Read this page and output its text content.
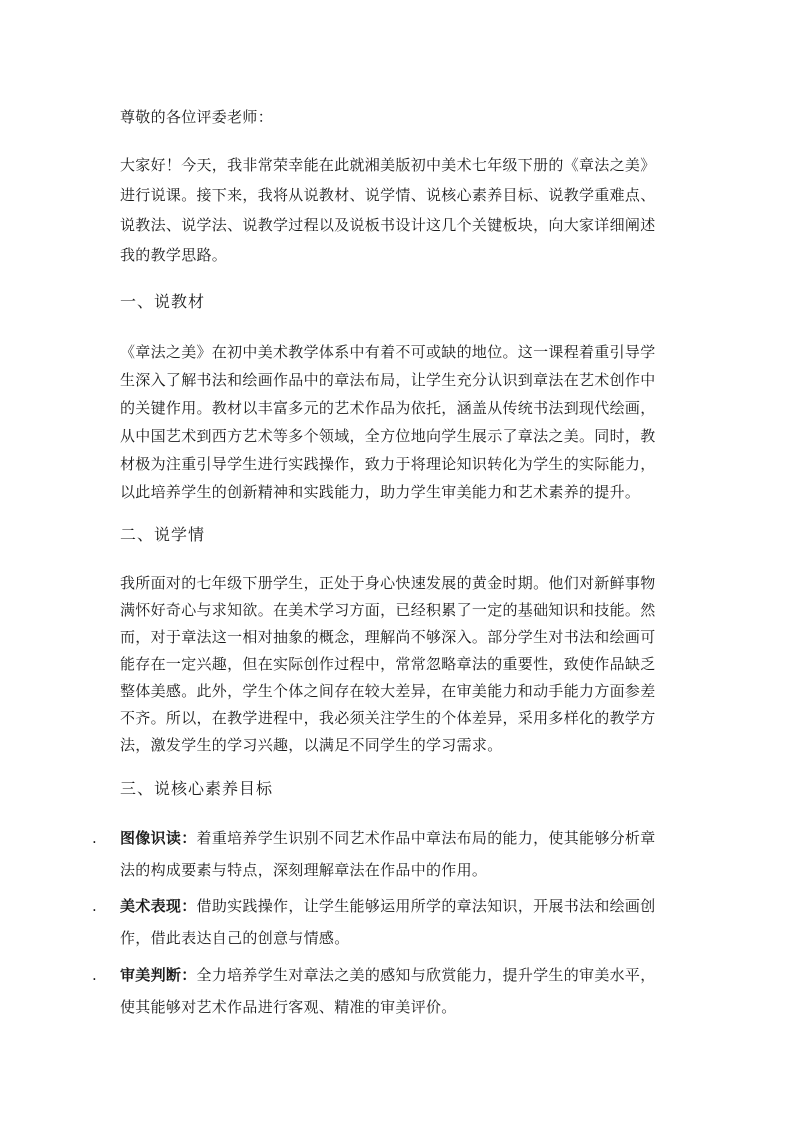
尊敬的各位评委老师：
大家好！今天，我非常荣幸能在此就湘美版初中美术七年级下册的《章法之美》进行说课。接下来，我将从说教材、说学情、说核心素养目标、说教学重难点、说教法、说学法、说教学过程以及说板书设计这几个关键板块，向大家详细阐述我的教学思路。
一、说教材
《章法之美》在初中美术教学体系中有着不可或缺的地位。这一课程着重引导学生深入了解书法和绘画作品中的章法布局，让学生充分认识到章法在艺术创作中的关键作用。教材以丰富多元的艺术作品为依托，涵盖从传统书法到现代绘画，从中国艺术到西方艺术等多个领域，全方位地向学生展示了章法之美。同时，教材极为注重引导学生进行实践操作，致力于将理论知识转化为学生的实际能力，以此培养学生的创新精神和实践能力，助力学生审美能力和艺术素养的提升。
二、说学情
我所面对的七年级下册学生，正处于身心快速发展的黄金时期。他们对新鲜事物满怀好奇心与求知欲。在美术学习方面，已经积累了一定的基础知识和技能。然而，对于章法这一相对抽象的概念，理解尚不够深入。部分学生对书法和绘画可能存在一定兴趣，但在实际创作过程中，常常忽略章法的重要性，致使作品缺乏整体美感。此外，学生个体之间存在较大差异，在审美能力和动手能力方面参差不齐。所以，在教学进程中，我必须关注学生的个体差异，采用多样化的教学方法，激发学生的学习兴趣，以满足不同学生的学习需求。
三、说核心素养目标
. 图像识读：着重培养学生识别不同艺术作品中章法布局的能力，使其能够分析章法的构成要素与特点，深刻理解章法在作品中的作用。
. 美术表现：借助实践操作，让学生能够运用所学的章法知识，开展书法和绘画创作，借此表达自己的创意与情感。
. 审美判断：全力培养学生对章法之美的感知与欣赏能力，提升学生的审美水平，使其能够对艺术作品进行客观、精准的审美评价。
